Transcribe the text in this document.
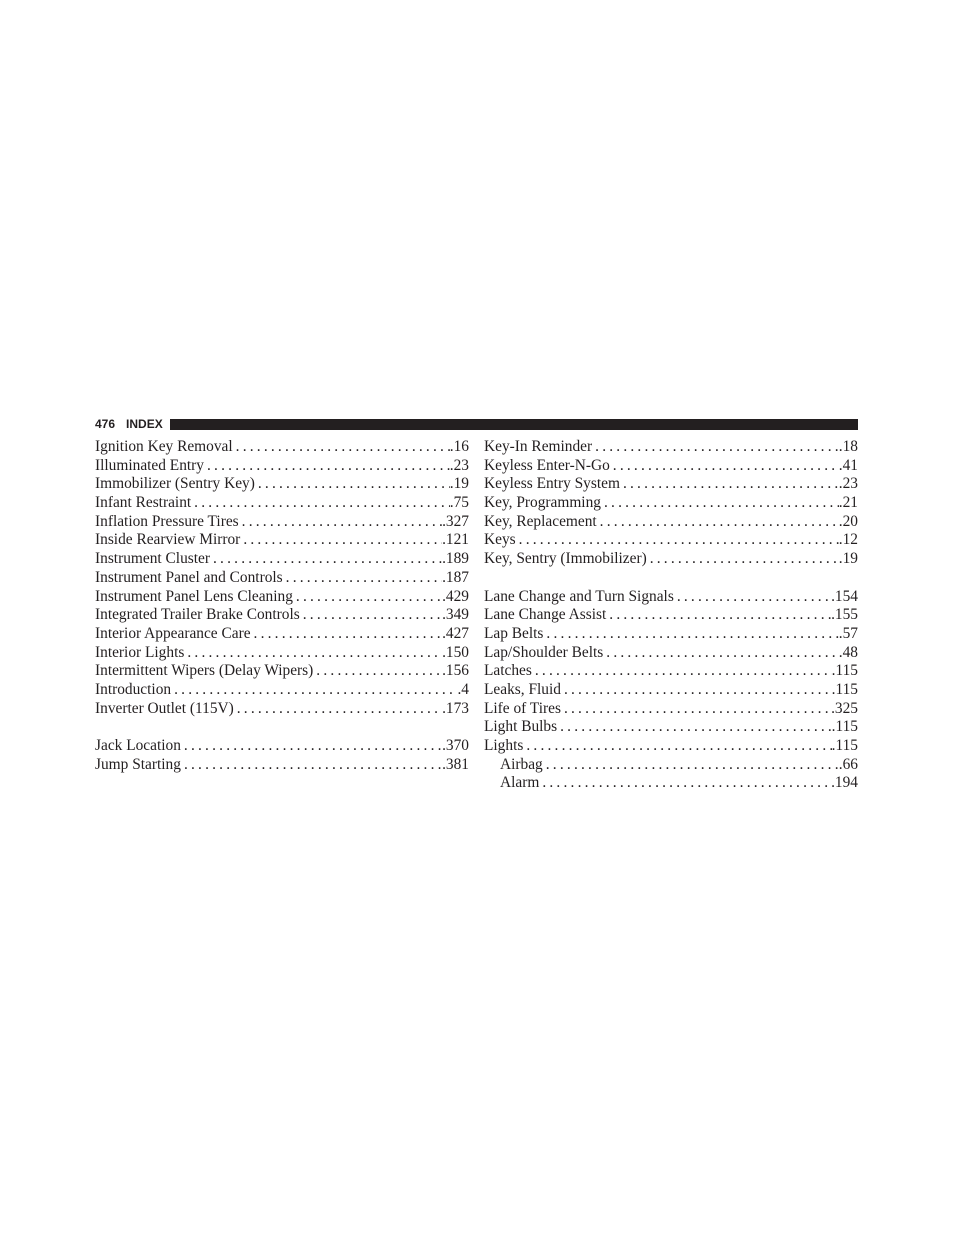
476 INDEX
Ignition Key Removal .....	.16
Illuminated Entry .....	.23
Immobilizer (Sentry Key) .....	.19
Infant Restraint .....	.75
Inflation Pressure Tires .....	.327
Inside Rearview Mirror .....	.121
Instrument Cluster .....	.189
Instrument Panel and Controls .....	.187
Instrument Panel Lens Cleaning .....	.429
Integrated Trailer Brake Controls .....	.349
Interior Appearance Care .....	.427
Interior Lights .....	.150
Intermittent Wipers (Delay Wipers) .....	.156
Introduction .....	.4
Inverter Outlet (115V) .....	.173
Jack Location .....	.370
Jump Starting .....	.381
Key-In Reminder .....	.18
Keyless Enter-N-Go .....	.41
Keyless Entry System .....	.23
Key, Programming .....	.21
Key, Replacement .....	.20
Keys .....	.12
Key, Sentry (Immobilizer) .....	.19
Lane Change and Turn Signals .....	.154
Lane Change Assist .....	.155
Lap Belts .....	.57
Lap/Shoulder Belts .....	.48
Latches .....	.115
Leaks, Fluid .....	.115
Life of Tires .....	.325
Light Bulbs .....	.115
Lights .....	.115
Airbag .....	.66
Alarm .....	.194
